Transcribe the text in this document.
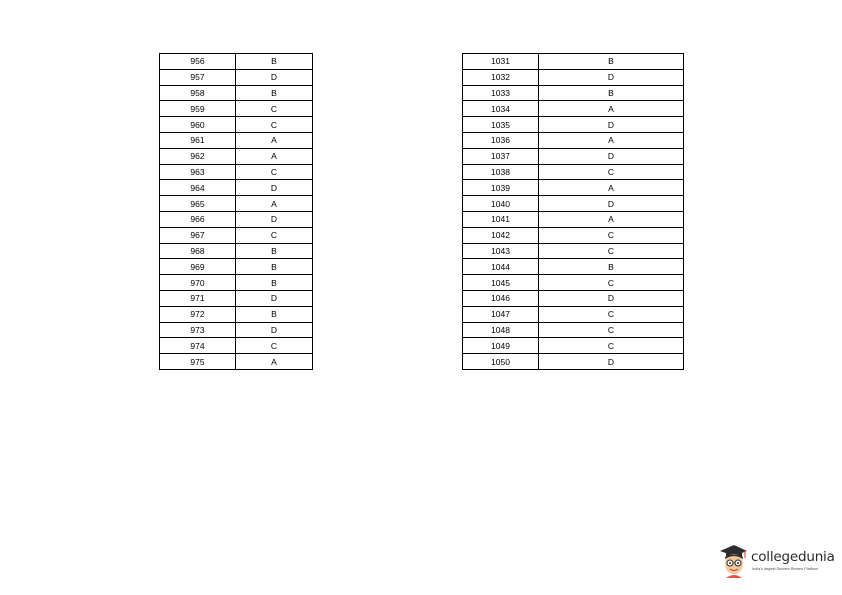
956	B
957	D
958	B
959	C
960	C
961	A
962	A
963	C
964	D
965	A
966	D
967	C
968	B
969	B
970	B
971	D
972	B
973	D
974	C
975	A
1031	B
1032	D
1033	B
1034	A
1035	D
1036	A
1037	D
1038	C
1039	A
1040	D
1041	A
1042	C
1043	C
1044	B
1045	C
1046	D
1047	C
1048	C
1049	C
1050	D
collegedunia
India's largest Student Review Platform
